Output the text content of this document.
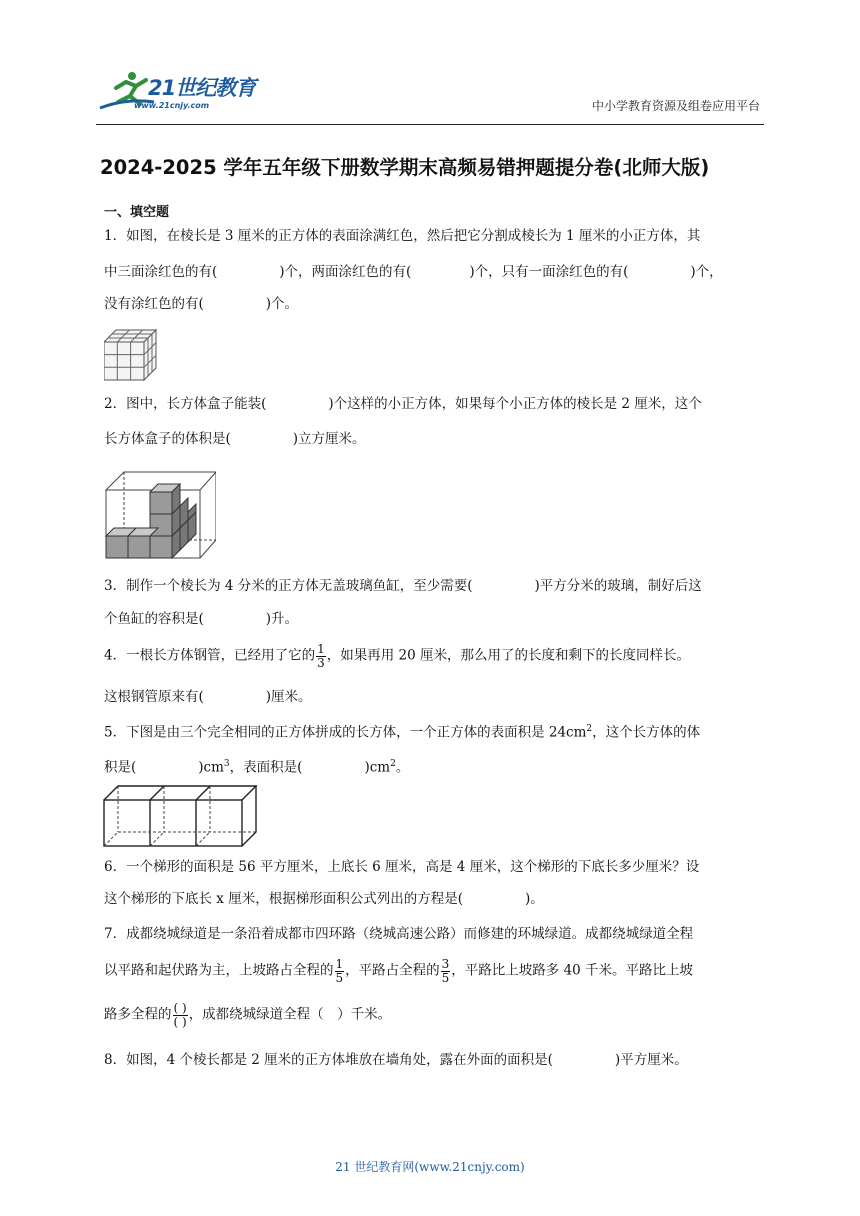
21世纪教育
www.21cnjy.com	中小学教育资源及组卷应用平台
2024-2025 学年五年级下册数学期末高频易错押题提分卷(北师大版)
一、填空题
1．如图，在棱长是 3 厘米的正方体的表面涂满红色，然后把它分割成棱长为 1 厘米的小正方体，其
中三面涂红色的有(	)个，两面涂红色的有(	)个，只有一面涂红色的有(	)个，
没有涂红色的有(	)个。
2．图中，长方体盒子能装(	)个这样的小正方体，如果每个小正方体的棱长是 2 厘米，这个
长方体盒子的体积是(	)立方厘米。
3．制作一个棱长为 4 分米的正方体无盖玻璃鱼缸，至少需要(	)平方分米的玻璃，制好后这
个鱼缸的容积是(	)升。
4．一根长方体钢管，已经用了它的 $\frac{1}{3}$ ，如果再用 20 厘米，那么用了的长度和剩下的长度同样长。
这根钢管原来有(	)厘米。
5．下图是由三个完全相同的正方体拼成的长方体，一个正方体的表面积是 $24cm^2$，这个长方体的体
积是(	)$cm^3$，表面积是(	)$cm^2$。
6．一个梯形的面积是 56 平方厘米，上底长 6 厘米，高是 4 厘米，这个梯形的下底长多少厘米？设
这个梯形的下底长 x 厘米，根据梯形面积公式列出的方程是(	)。
7．成都绕城绿道是一条沿着成都市四环路（绕城高速公路）而修建的环城绿道。成都绕城绿道全程
以平路和起伏路为主，上坡路占全程的 $\frac{1}{5}$ ，平路占全程的 $\frac{3}{5}$ ，平路比上坡路多 40 千米。平路比上坡
路多全程的 $\frac{( )}{( )}$ ，成都绕城绿道全程（　）千米。
8．如图，4 个棱长都是 2 厘米的正方体堆放在墙角处，露在外面的面积是(	)平方厘米。
21 世纪教育网(www.21cnjy.com)
